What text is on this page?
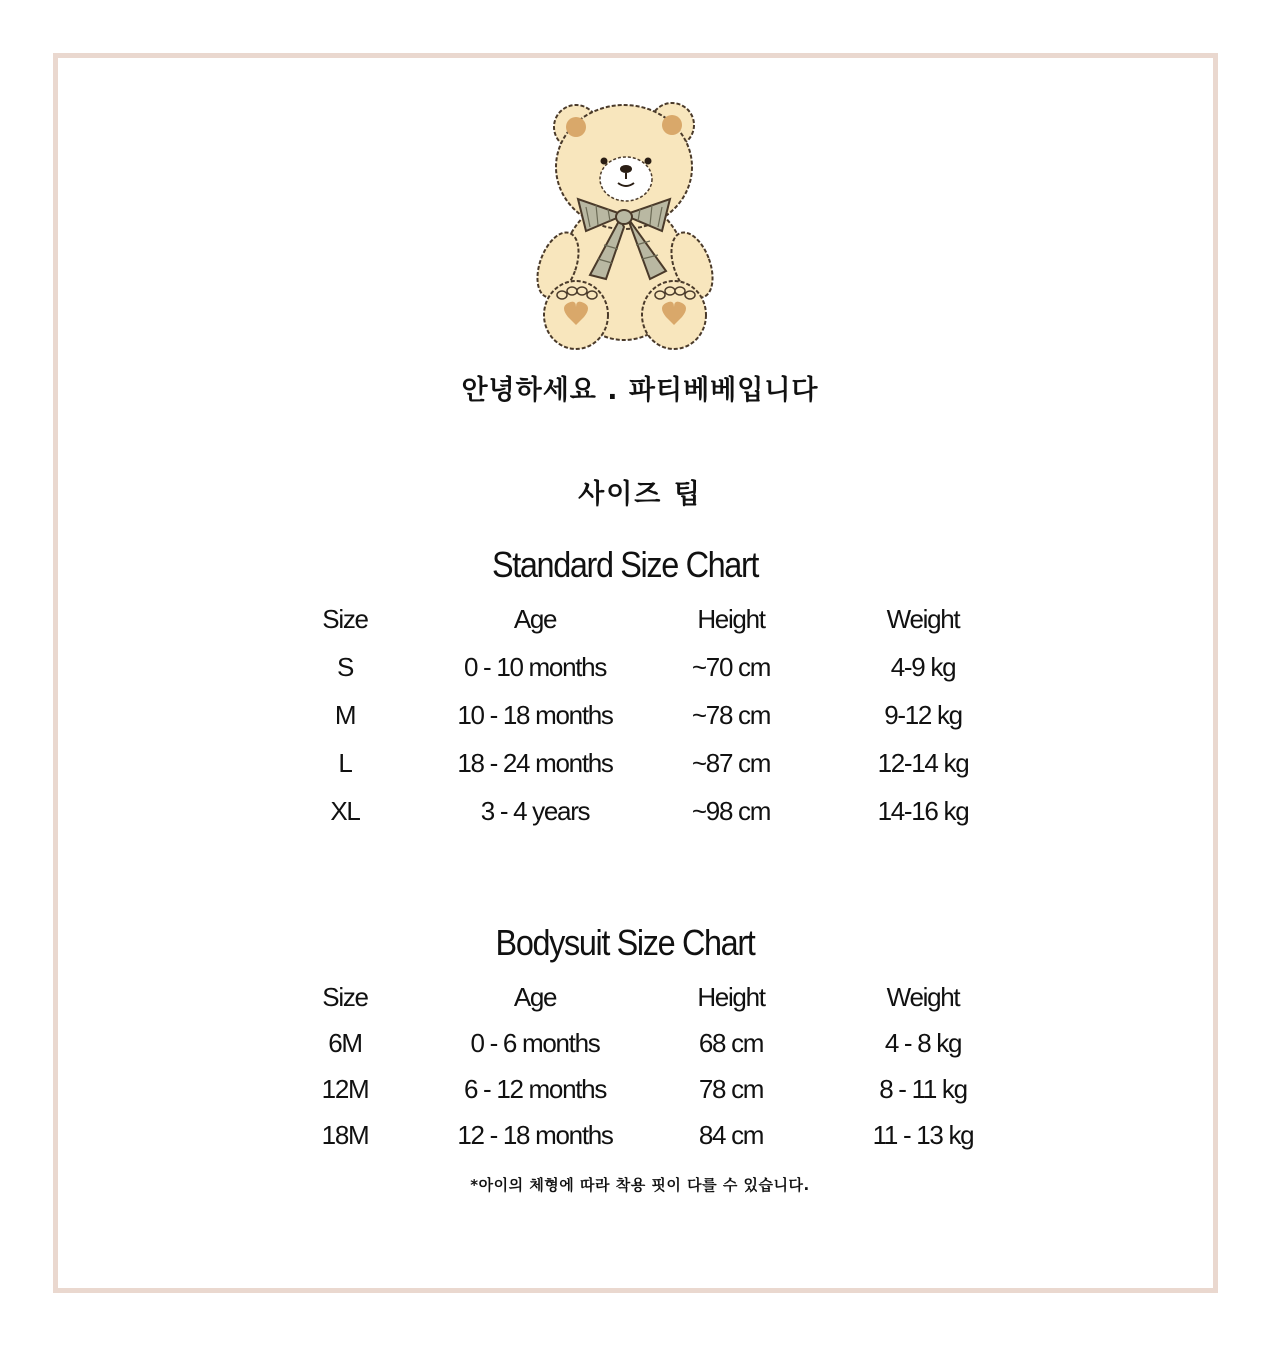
안녕하세요 . 파티베베입니다
사이즈 팁
Standard Size Chart
Size	Age	Height	Weight
S	0 - 10 months	~70 cm	4-9 kg
M	10 - 18 months	~78 cm	9-12 kg
L	18 - 24 months	~87 cm	12-14 kg
XL	3 - 4 years	~98 cm	14-16 kg
Bodysuit Size Chart
Size	Age	Height	Weight
6M	0 - 6 months	68 cm	4 - 8 kg
12M	6 - 12 months	78 cm	8 - 11 kg
18M	12 - 18 months	84 cm	11 - 13 kg
*아이의 체형에 따라 착용 핏이 다를 수 있습니다.
